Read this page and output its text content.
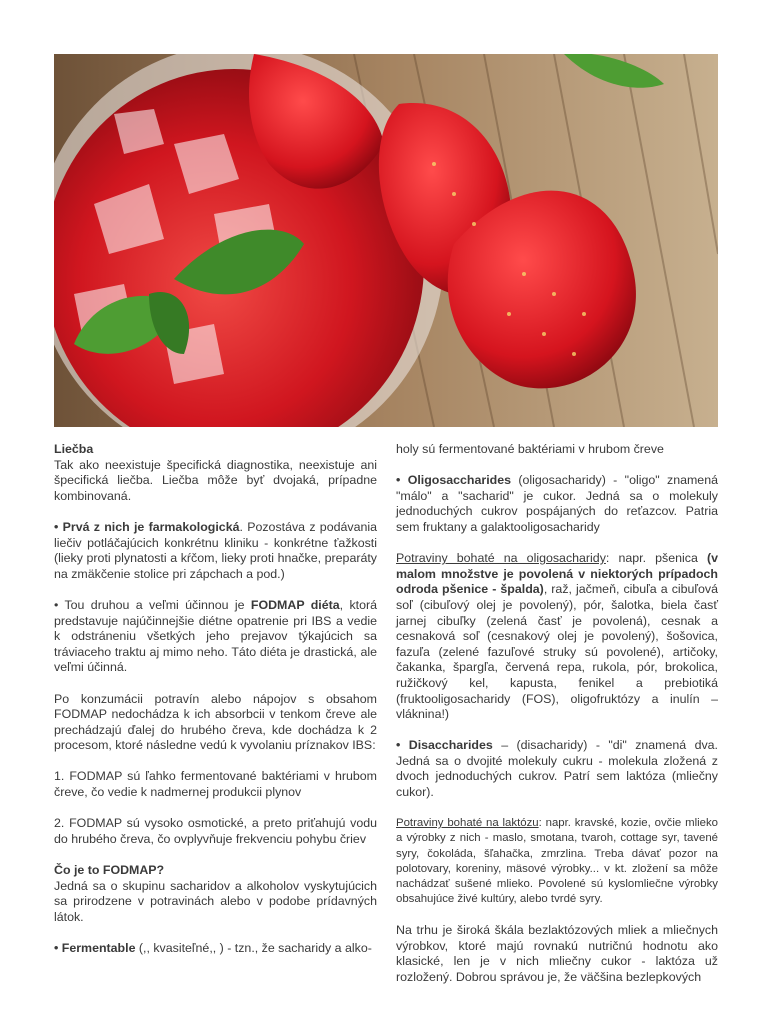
Liečba

Tak ako neexistuje špecifická diagnostika, neexistuje ani špecifická liečba. Liečba môže byť dvojaká, prípadne kombinovaná.

• Prvá z nich je farmakologická. Pozostáva z podávania liečiv potláčajúcich konkrétnu kliniku - konkrétne ťažkosti (lieky proti plynatosti a kŕčom, lieky proti hnačke, preparáty na zmäkčenie stolice pri zápchach a pod.)

• Tou druhou a veľmi účinnou je FODMAP diéta, ktorá predstavuje najúčinnejšie diétne opatrenie pri IBS a vedie k odstráneniu všetkých jeho prejavov týkajúcich sa tráviaceho traktu aj mimo neho. Táto diéta je drastická, ale veľmi účinná.

Po konzumácii potravín alebo nápojov s obsahom FODMAP nedochádza k ich absorbcii v tenkom čreve ale prechádzajú ďalej do hrubého čreva, kde dochádza k 2 procesom, ktoré následne vedú k vyvolaniu príznakov IBS:

1. FODMAP sú ľahko fermentované baktériami v hrubom čreve, čo vedie k nadmernej produkcii plynov

2. FODMAP sú vysoko osmotické, a preto priťahujú vodu do hrubého čreva, čo ovplyvňuje frekvenciu pohybu čriev

Čo je to FODMAP?

Jedná sa o skupinu sacharidov a alkoholov vyskytujúcich sa prirodzene v potravinách alebo v podobe prídavných látok.

• Fermentable (,, kvasiteľné,, ) - tzn., že sacharidy a alko-

holy sú fermentované baktériami v hrubom čreve

• Oligosaccharides (oligosacharidy) - "oligo" znamená "málo" a "sacharid" je cukor. Jedná sa o molekuly jednoduchých cukrov pospájaných do reťazcov. Patria sem fruktany a galaktooligosacharidy

Potraviny bohaté na oligosacharidy: napr. pšenica (v malom množstve je povolená v niektorých prípadoch odroda pšenice - špalda), raž, jačmeň, cibuľa a cibuľová soľ (cibuľový olej je povolený), pór, šalotka, biela časť jarnej cibuľky (zelená časť je povolená), cesnak a cesnaková soľ (cesnakový olej je povolený), šošovica, fazuľa (zelené fazuľové struky sú povolené), artičoky, čakanka, špargľa, červená repa, rukola, pór, brokolica, ružičkový kel, kapusta, fenikel a prebiotiká (fruktooligosacharidy (FOS), oligofruktózy a inulín – vláknina!)

• Disaccharides – (disacharidy) - "di" znamená dva. Jedná sa o dvojité molekuly cukru - molekula zložená z dvoch jednoduchých cukrov. Patrí sem laktóza (mliečny cukor).

Potraviny bohaté na laktózu: napr. kravské, kozie, ovčie mlieko a výrobky z nich - maslo, smotana, tvaroh, cottage syr, tavené syry, čokoláda, šľahačka, zmrzlina. Treba dávať pozor na polotovary, koreniny, mäsové výrobky... v kt. zložení sa môže nachádzať sušené mlieko. Povolené sú kyslomliečne výrobky obsahujúce živé kultúry, alebo tvrdé syry.

Na trhu je široká škála bezlaktózových mliek a mliečnych výrobkov, ktoré majú rovnakú nutričnú hodnotu ako klasické, len je v nich mliečny cukor - laktóza už rozložený. Dobrou správou je, že väčšina bezlepkových
